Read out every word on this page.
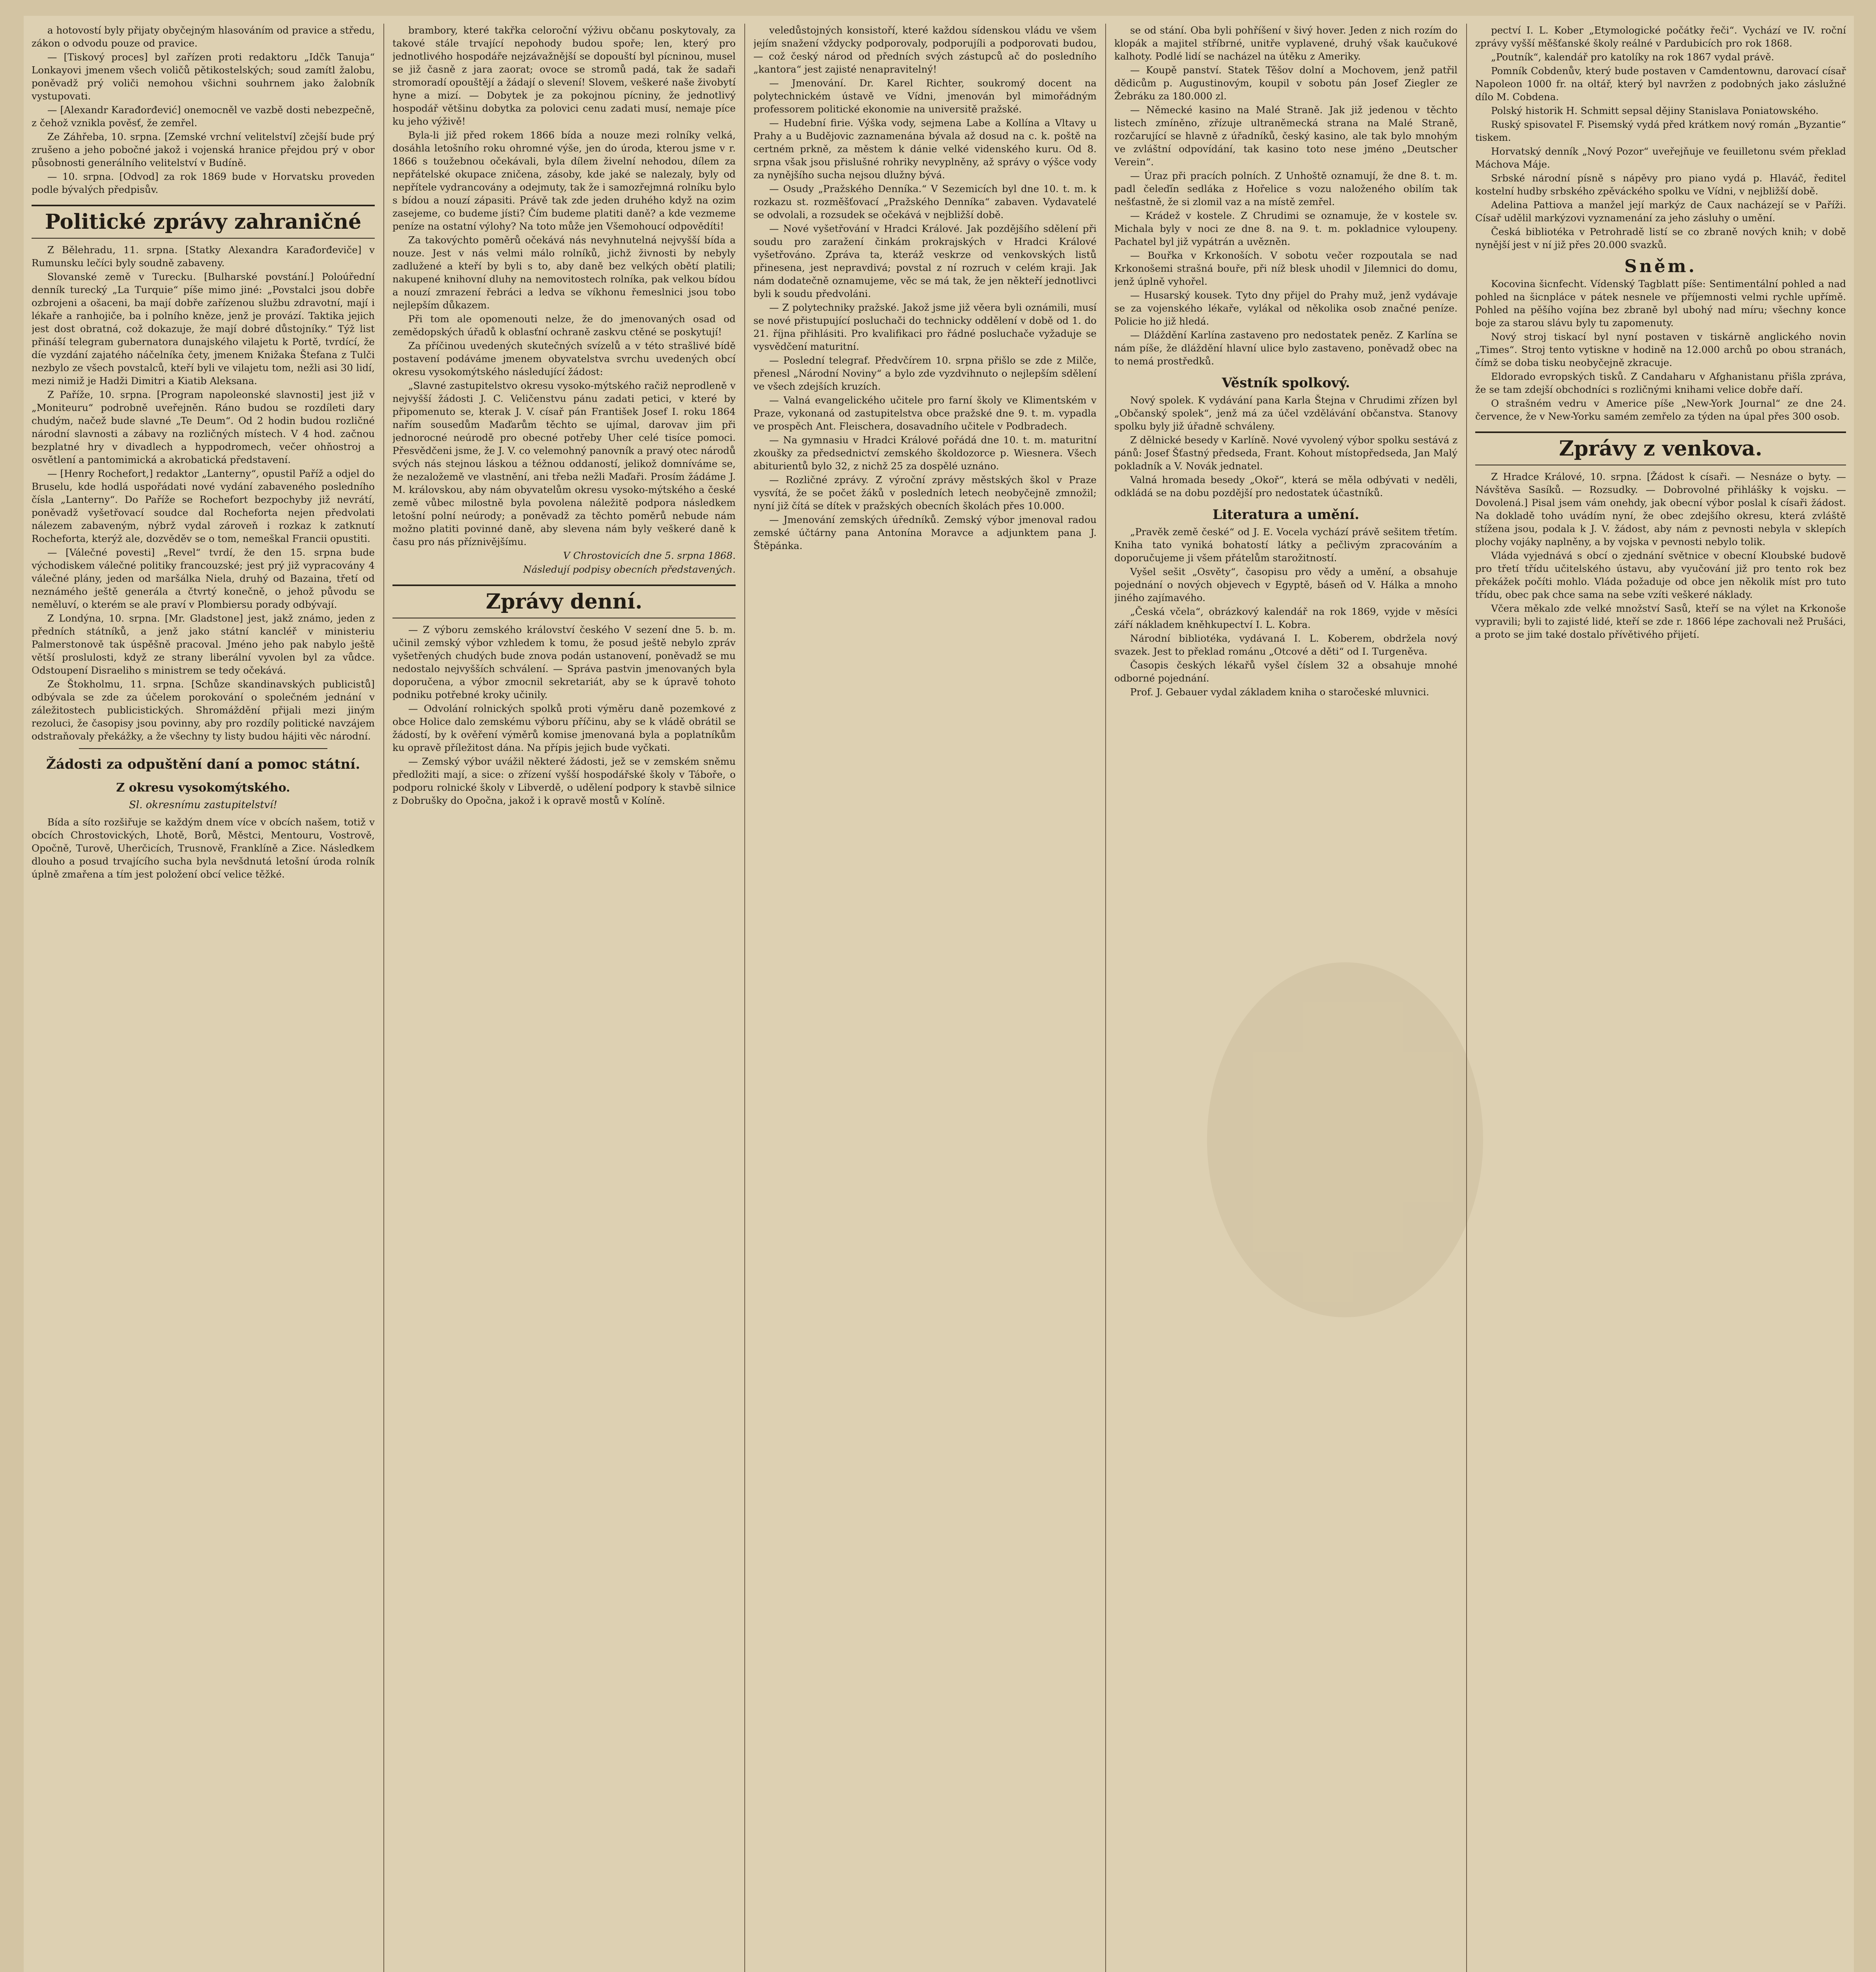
a hotovostí byly přijaty obyčejným hlasováním od pravice a středu, zákon o odvodu pouze od pravice.

— [Tiskový proces] byl zařízen proti redaktoru „Idčk Tanuja“ Lonkayovi jmenem všech voličů pětikostelských; soud zamítl žalobu, poněvadž prý voliči nemohou všichni souhrnem jako žalobník vystupovati.

— [Alexandr Karađorđević] onemocněl ve vazbě dosti nebezpečně, z čehož vznikla pověsť, že zemřel.

Ze Záhřeba, 10. srpna. [Zemské vrchní velitelství] zčejší bude prý zrušeno a jeho pobočné jakož i vojenská hranice přejdou prý v obor působnosti generálního velitelství v Budíně.

— 10. srpna. [Odvod] za rok 1869 bude v Horvatsku proveden podle bývalých předpisův.

Politické zprávy zahraničné

Z Bělehradu, 11. srpna. [Statky Alexandra Karađorđeviče] v Rumunsku lečíci byly soudně zabaveny.

Slovanské země v Turecku. [Bulharské povstání.] Poloúřední denník turecký „La Turquie“ píše mimo jiné: „Povstalci jsou dobře ozbrojeni a ošaceni, ba mají dobře zařízenou službu zdravotní, mají i lékaře a ranhojiče, ba i polního kněze, jenž je provází. Taktika jejich jest dost obratná, což dokazuje, že mají dobré důstojníky.“ Týž list přináší telegram gubernatora dunajského vilajetu k Portě, tvrdící, že díe vyzdání zajatého náčelníka čety, jmenem Knižaka Štefana z Tulči nezbylo ze všech povstalců, kteří byli ve vilajetu tom, nežli asi 30 lidí, mezi nimiž je Hadži Dimitri a Kiatib Aleksana.

Z Paříže, 10. srpna. [Program napoleonské slavnosti] jest již v „Moniteuru“ podrobně uveřejněn. Ráno budou se rozdíleti dary chudým, načež bude slavné „Te Deum“. Od 2 hodin budou rozličné národní slavnosti a zábavy na rozličných místech. V 4 hod. začnou bezplatné hry v divadlech a hyppodromech, večer ohňostroj a osvětlení a pantomimická a akrobatická představení.

— [Henry Rochefort,] redaktor „Lanterny“, opustil Paříž a odjel do Bruselu, kde hodlá uspořádati nové vydání zabaveného posledního čísla „Lanterny“. Do Paříže se Rochefort bezpochyby již nevrátí, poněvadž vyšetřovací soudce dal Rocheforta nejen předvolati nálezem zabaveným, nýbrž vydal zároveň i rozkaz k zatknutí Rocheforta, kterýž ale, dozvěděv se o tom, nemeškal Francii opustiti.

— [Válečné povesti] „Revel“ tvrdí, že den 15. srpna bude východiskem válečné politiky francouzské; jest prý již vypracovány 4 válečné plány, jeden od maršálka Niela, druhý od Bazaina, třetí od neznámého ještě generála a čtvrtý konečně, o jehož původu se neměluví, o kterém se ale praví v Plombiersu porady odbývají.

Z Londýna, 10. srpna. [Mr. Gladstone] jest, jakž známo, jeden z předních státníků, a jenž jako státní kancléř v ministeriu Palmerstonově tak úspěšně pracoval. Jméno jeho pak nabylo ještě větší proslulosti, když ze strany liberální vyvolen byl za vůdce. Odstoupení Disraeliho s ministrem se tedy očekává.

Ze Štokholmu, 11. srpna. [Schůze skandinavských publicistů] odbývala se zde za účelem porokování o společném jednání v záležitostech publicistických. Shromáždění přijali mezi jiným rezoluci, že časopisy jsou povinny, aby pro rozdíly politické navzájem odstraňovaly překážky, a že všechny ty listy budou hájiti věc národní.

Žádosti za odpuštění daní a pomoc státní.
Z okresu vysokomýtského.
Sl. okresnímu zastupitelství!

Bída a síto rozšiřuje se každým dnem více v obcích našem, totiž v obcích Chrostovických, Lhotě, Borů, Městci, Mentouru, Vostrově, Opočně, Turově, Uherčicích, Trusnově, Franklíně a Zice. Následkem dlouho a posud trvajícího sucha byla nevšdnutá letošní úroda rolník úplně zmařena a tím jest položení obcí velice těžké.

brambory, které takřka celoroční výživu občanu poskytovaly, za takové stále trvající nepohody budou spoře; len, který pro jednotlivého hospodáře nejzávažnější se dopouští byl pícninou, musel se již časně z jara zaorat; ovoce se stromů padá, tak že sadaři stromoradí opouštějí a žádají o slevení! Slovem, veškeré naše živobytí hyne a mizí. — Dobytek je za pokojnou pícniny, že jednotlivý hospodář většinu dobytka za polovici cenu zadati musí, nemaje píce ku jeho výživě!

Byla-li již před rokem 1866 bída a nouze mezi rolníky velká, dosáhla letošního roku ohromné výše, jen do úroda, kterou jsme v r. 1866 s toužebnou očekávali, byla dílem živelní nehodou, dílem za nepřátelské okupace zničena, zásoby, kde jaké se nalezaly, byly od nepřítele vydrancovány a odejmuty, tak že i samozřejmná rolníku bylo s bídou a nouzí zápasiti. Právě tak zde jeden druhého když na ozim zasejeme, co budeme jísti? Čím budeme platiti daně? a kde vezmeme peníze na ostatní výlohy? Na toto může jen Všemohoucí odpovědíti!

Za takovýchto poměrů očekává nás nevyhnutelná nejvyšší bída a nouze. Jest v nás velmi málo rolníků, jichž živnosti by nebyly zadlužené a kteří by byli s to, aby daně bez velkých obětí platili; nakupené knihovní dluhy na nemovitostech rolníka, pak velkou bídou a nouzí zmrazení řebráci a ledva se víkhonu řemeslnici jsou tobo nejlepším důkazem.

Při tom ale opomenouti nelze, že do jmenovaných osad od zemědopských úřadů k oblasťní ochraně zaskvu ctěné se poskytují!

Za příčinou uvedených skutečných svízelů a v této strašlivé bídě postavení podáváme jmenem obyvatelstva svrchu uvedených obcí okresu vysokomýtského následující žádost:

„Slavné zastupitelstvo okresu vysoko-mýtského račiž neprodleně v nejvyšší žádosti J. C. Veličenstvu pánu zadati petici, v které by připomenuto se, kterak J. V. císař pán František Josef I. roku 1864 nařím sousedům Maďarům těchto se ujímal, darovav jim při jednorocné neúrodě pro obecné potřeby Uher celé tisíce pomoci. Přesvědčeni jsme, že J. V. co velemohný panovník a pravý otec národů svých nás stejnou láskou a téžnou oddaností, jelikož domníváme se, že nezaložemě ve vlastnění, ani třeba nežli Maďaři. Prosím žádáme J. M. královskou, aby nám obyvatelům okresu vysoko-mýtského a české země vůbec milostně byla povolena náležitě podpora následkem letošní polní neúrody; a poněvadž za těchto poměrů nebude nám možno platiti povinné daně, aby slevena nám byly veškeré daně k času pro nás příznivějšímu.

V Chrostovicích dne 5. srpna 1868.

Následují podpisy obecních představených.

Zprávy denní.

— Z výboru zemského království českého V sezení dne 5. b. m. učinil zemský výbor vzhledem k tomu, že posud ještě nebylo zpráv vyšetřených chudých bude znova podán ustanovení, poněvadž se mu nedostalo nejvyšších schválení. — Správa pastvin jmenovaných byla doporučena, a výbor zmocnil sekretariát, aby se k úpravě tohoto podniku potřebné kroky učinily.

— Odvolání rolnických spolků proti výměru daně pozemkové z obce Holice dalo zemskému výboru příčinu, aby se k vládě obrátil se žádostí, by k ověření výměrů komise jmenovaná byla a poplatníkům ku opravě příležitost dána. Na přípis jejich bude vyčkati.

— Zemský výbor uvážil některé žádosti, jež se v zemském sněmu předložiti mají, a sice: o zřízení vyšší hospodářské školy v Táboře, o podporu rolnické školy v Libverdě, o udělení podpory k stavbě silnice z Dobrušky do Opočna, jakož i k opravě mostů v Kolíně.

veledůstojných konsistoří, které každou sídenskou vládu ve všem jejím snažení vždycky podporovaly, podporujíli a podporovati budou, — což český národ od předních svých zástupců ač do posledního „kantora“ jest zajisté nenapravitelný!

— Jmenování. Dr. Karel Richter, soukromý docent na polytechnickém ústavě ve Vídni, jmenován byl mimořádným professorem politické ekonomie na universitě pražské.

— Hudební firie. Výška vody, sejmena Labe a Kollína a Vltavy u Prahy a u Budějovic zaznamenána bývala až dosud na c. k. poště na certném prkně, za městem k dánie velké videnského kuru. Od 8. srpna však jsou přislušné rohriky nevyplněny, až správy o výšce vody za nynějšího sucha nejsou dlužny bývá.

— Osudy „Pražského Denníka.“ V Sezemicích byl dne 10. t. m. k rozkazu st. rozměšťovací „Pražského Denníka“ zabaven. Vydavatelé se odvolali, a rozsudek se očekává v nejbližší době.

— Nové vyšetřování v Hradci Králové. Jak pozdějšího sdělení při soudu pro zaražení činkám prokrajských v Hradci Králové vyšetřováno. Zpráva ta, kteráž veskrze od venkovských listů přinesena, jest nepravdivá; povstal z ní rozruch v celém kraji. Jak nám dodatečně oznamujeme, věc se má tak, že jen někteří jednotlivci byli k soudu předvoláni.

— Z polytechniky pražské. Jakož jsme již věera byli oznámili, musí se nové přistupující posluchači do technicky oddělení v době od 1. do 21. října přihlásiti. Pro kvalifikaci pro řádné posluchače vyžaduje se vysvědčení maturitní.

— Poslední telegraf. Předvčírem 10. srpna přišlo se zde z Milče, přenesl „Národní Noviny“ a bylo zde vyzdvihnuto o nejlepším sdělení ve všech zdejších kruzích.

— Valná evangelického učitele pro farní školy ve Klimentském v Praze, vykonaná od zastupitelstva obce pražské dne 9. t. m. vypadla ve prospěch Ant. Fleischera, dosavadního učitele v Podbradech.

— Na gymnasiu v Hradci Králové pořádá dne 10. t. m. maturitní zkoušky za předsednictví zemského školdozorce p. Wiesnera. Všech abiturientů bylo 32, z nichž 25 za dospělé uznáno.

— Rozličné zprávy. Z výroční zprávy městských škol v Praze vysvítá, že se počet žáků v posledních letech neobyčejně zmnožil; nyní již čítá se dítek v pražských obecních školách přes 10.000.

— Jmenování zemských úředníků. Zemský výbor jmenoval radou zemské účtárny pana Antonína Moravce a adjunktem pana J. Štěpánka.

se od stání. Oba byli pohříšení v šivý hover. Jeden z nich rozím do klopák a majitel stříbrné, unitře vyplavené, druhý však kaučukové kalhoty. Podlé lidí se nacházel na útěku z Ameriky.

— Koupě panství. Statek Těšov dolní a Mochovem, jenž patřil dědicům p. Augustinovým, koupil v sobotu pán Josef Ziegler ze Žebráku za 180.000 zl.

— Německé kasino na Malé Straně. Jak již jedenou v těchto listech zmíněno, zřízuje ultraněmecká strana na Malé Straně, rozčarující se hlavně z úřadníků, český kasino, ale tak bylo mnohým ve zvláštní odpovídání, tak kasino toto nese jméno „Deutscher Verein“.

— Úraz při pracích polních. Z Unhoště oznamují, že dne 8. t. m. padl čeleďín sedláka z Hořelice s vozu naloženého obilím tak nešťastně, že si zlomil vaz a na místě zemřel.

— Krádež v kostele. Z Chrudimi se oznamuje, že v kostele sv. Michala byly v noci ze dne 8. na 9. t. m. pokladnice vyloupeny. Pachatel byl již vypátrán a uvězněn.

— Bouřka v Krkonoších. V sobotu večer rozpoutala se nad Krkonošemi strašná bouře, při níž blesk uhodil v Jilemnici do domu, jenž úplně vyhořel.

— Husarský kousek. Tyto dny přijel do Prahy muž, jenž vydávaje se za vojenského lékaře, vylákal od několika osob značné peníze. Policie ho již hledá.

— Dláždění Karlína zastaveno pro nedostatek peněz. Z Karlína se nám píše, že dláždění hlavní ulice bylo zastaveno, poněvadž obec na to nemá prostředků.

Věstník spolkový.

Nový spolek. K vydávání pana Karla Štejna v Chrudimi zřízen byl „Občanský spolek“, jenž má za účel vzdělávání občanstva. Stanovy spolku byly již úřadně schváleny.

Z dělnické besedy v Karlíně. Nové vyvolený výbor spolku sestává z pánů: Josef Šťastný předseda, Frant. Kohout místopředseda, Jan Malý pokladník a V. Novák jednatel.

Valná hromada besedy „Okoř“, která se měla odbývati v neděli, odkládá se na dobu pozdější pro nedostatek účastníků.

Literatura a umění.

„Pravěk země české“ od J. E. Vocela vychází právě sešitem třetím. Kniha tato vyniká bohatostí látky a pečlivým zpracováním a doporučujeme ji všem přátelům starožitností.

Vyšel sešit „Osvěty“, časopisu pro vědy a umění, a obsahuje pojednání o nových objevech v Egyptě, báseň od V. Hálka a mnoho jiného zajímavého.

„Česká včela“, obrázkový kalendář na rok 1869, vyjde v měsíci září nákladem kněhkupectví I. L. Kobra.

Národní bibliotéka, vydávaná I. L. Koberem, obdržela nový svazek. Jest to překlad románu „Otcové a děti“ od I. Turgeněva.

Časopis českých lékařů vyšel číslem 32 a obsahuje mnohé odborné pojednání.

Prof. J. Gebauer vydal základem kniha o staročeské mluvnici.

pectví I. L. Kober „Etymologické počátky řeči“. Vychází ve IV. roční zprávy vyšší měšťanské školy reálné v Pardubicích pro rok 1868.

„Poutník“, kalendář pro katolíky na rok 1867 vydal právě.

Pomník Cobdenův, který bude postaven v Camdentownu, darovací císař Napoleon 1000 fr. na oltář, který byl navržen z podobných jako záslužné dílo M. Cobdena.

Polský historik H. Schmitt sepsal dějiny Stanislava Poniatowského.

Ruský spisovatel F. Pisemský vydá před krátkem nový román „Byzantie“ tiskem.

Horvatský denník „Nový Pozor“ uveřejňuje ve feuilletonu svém překlad Máchova Máje.

Srbské národní písně s nápěvy pro piano vydá p. Hlaváč, ředitel kostelní hudby srbského zpěváckého spolku ve Vídni, v nejbližší době.

Adelina Pattiova a manžel její markýz de Caux nacházejí se v Paříži. Císař udělil markýzovi vyznamenání za jeho zásluhy o umění.

Česká bibliotéka v Petrohradě listí se co zbraně nových knih; v době nynější jest v ní již přes 20.000 svazků.

Sněm.

Kocovina šicnfecht. Vídenský Tagblatt píše: Sentimentální pohled a nad pohled na šicnpláce v pátek nesnele ve příjemnosti velmi rychle upřímě. Pohled na pěšího vojína bez zbraně byl ubohý nad míru; všechny konce boje za starou slávu byly tu zapomenuty.

Nový stroj tiskací byl nyní postaven v tiskárně anglického novin „Times“. Stroj tento vytiskne v hodině na 12.000 archů po obou stranách, čímž se doba tisku neobyčejně zkracuje.

Eldorado evropských tisků. Z Candaharu v Afghanistanu přišla zpráva, že se tam zdejší obchodníci s rozličnými knihami velice dobře daří.

O strašném vedru v Americe píše „New-York Journal“ ze dne 24. července, že v New-Yorku samém zemřelo za týden na úpal přes 300 osob.

Zprávy z venkova.

Z Hradce Králové, 10. srpna. [Žádost k císaři. — Nesnáze o byty. — Návštěva Sasíků. — Rozsudky. — Dobrovolné přihlášky k vojsku. — Dovolená.] Pisal jsem vám onehdy, jak obecní výbor poslal k císaři žádost. Na dokladě toho uvádím nyní, že obec zdejšího okresu, která zvláště stížena jsou, podala k J. V. žádost, aby nám z pevnosti nebyla v sklepích plochy vojáky naplněny, a by vojska v pevnosti nebylo tolik.

Vláda vyjednává s obcí o zjednání světnice v obecní Kloubské budově pro třetí třídu učitelského ústavu, aby vyučování již pro tento rok bez překážek počíti mohlo. Vláda požaduje od obce jen několik míst pro tuto třídu, obec pak chce sama na sebe vzíti veškeré náklady.

Včera měkalo zde velké množství Sasů, kteří se na výlet na Krkonoše vypravili; byli to zajisté lidé, kteří se zde r. 1866 lépe zachovali než Prušáci, a proto se jim také dostalo přívětivého přijetí.
